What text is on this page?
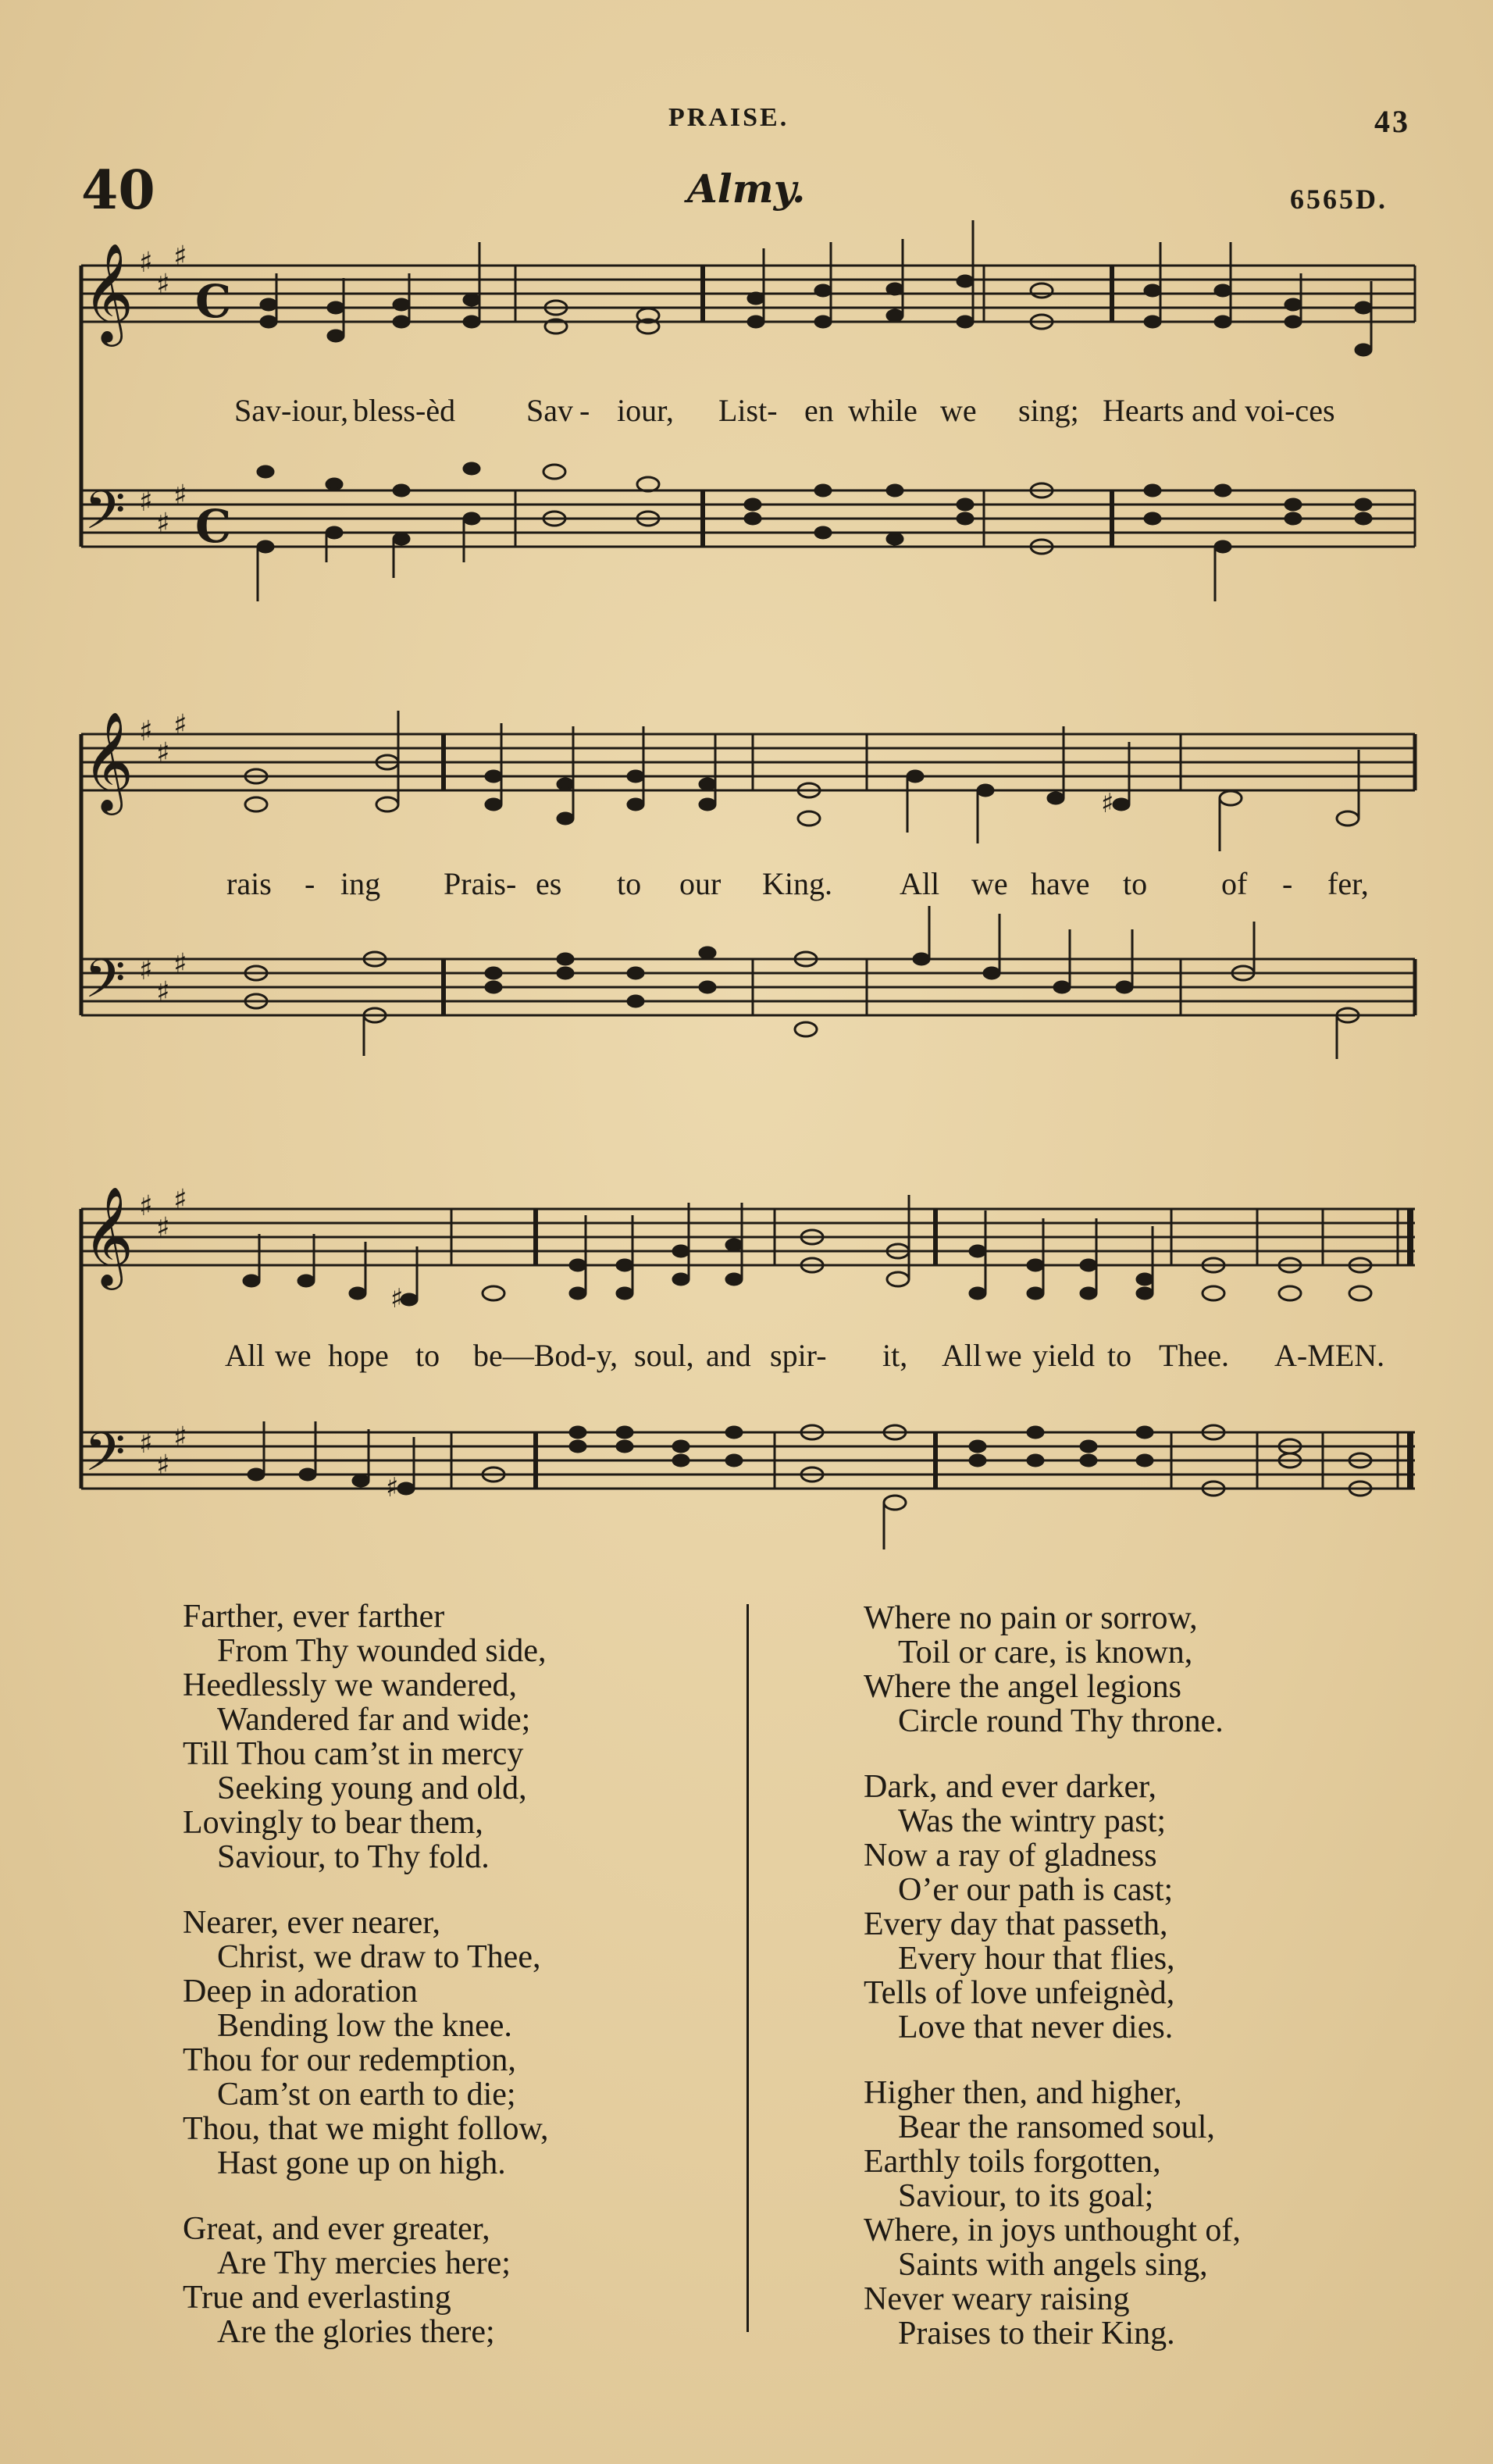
PRAISE.	43
40	Almy.	6565D.
𝄞
𝄢
♯
♯
♯
♯
♯
♯
C
C
Sav-iour, bless-èd Sav - iour, List- en while we sing; Hearts and voi-ces
𝄞
𝄢
♯
♯
♯
♯
♯
♯
♯
rais - ing Prais- es to our King. All we have to of - fer,
𝄞
𝄢
♯
♯
♯
♯
♯
♯
♯
♯
All we hope to be—Bod-y, soul, and spir- it, All we yield to Thee. A-MEN.

Farther, ever farther
From Thy wounded side,
Heedlessly we wandered,
Wandered far and wide;
Till Thou cam’st in mercy
Seeking young and old,
Lovingly to bear them,
Saviour, to Thy fold.

Nearer, ever nearer,
Christ, we draw to Thee,
Deep in adoration
Bending low the knee.
Thou for our redemption,
Cam’st on earth to die;
Thou, that we might follow,
Hast gone up on high.

Great, and ever greater,
Are Thy mercies here;
True and everlasting
Are the glories there;

Where no pain or sorrow,
Toil or care, is known,
Where the angel legions
Circle round Thy throne.

Dark, and ever darker,
Was the wintry past;
Now a ray of gladness
O’er our path is cast;
Every day that passeth,
Every hour that flies,
Tells of love unfeignèd,
Love that never dies.

Higher then, and higher,
Bear the ransomed soul,
Earthly toils forgotten,
Saviour, to its goal;
Where, in joys unthought of,
Saints with angels sing,
Never weary raising
Praises to their King.
